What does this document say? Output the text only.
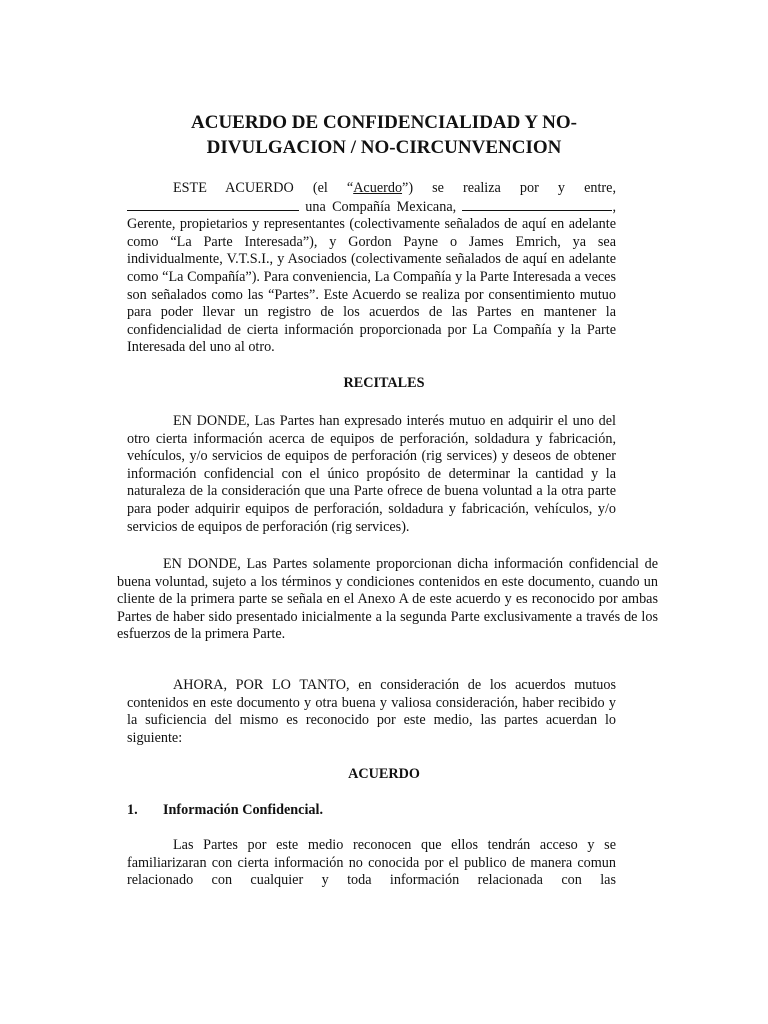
ACUERDO DE CONFIDENCIALIDAD Y NO-
DIVULGACION / NO-CIRCUNVENCION

ESTE ACUERDO (el “Acuerdo”) se realiza por y entre,

una Compañía Mexicana,	,

Gerente, propietarios y representantes (colectivamente señalados de aquí en adelante como “La Parte Interesada”), y Gordon Payne o James Emrich, ya sea individualmente, V.T.S.I., y Asociados (colectivamente señalados de aquí en adelante como “La Compañía”). Para conveniencia, La Compañía y la Parte Interesada a veces son señalados como las “Partes”. Este Acuerdo se realiza por consentimiento mutuo para poder llevar un registro de los acuerdos de las Partes en mantener la confidencialidad de cierta información proporcionada por La Compañía y la Parte Interesada del uno al otro.

RECITALES

EN DONDE, Las Partes han expresado interés mutuo en adquirir el uno del otro cierta información acerca de equipos de perforación, soldadura y fabricación, vehículos, y/o servicios de equipos de perforación (rig services) y deseos de obtener información confidencial con el único propósito de determinar la cantidad y la naturaleza de la consideración que una Parte ofrece de buena voluntad a la otra parte para poder adquirir equipos de perforación, soldadura y fabricación, vehículos, y/o servicios de equipos de perforación (rig services).

EN DONDE, Las Partes solamente proporcionan dicha información confidencial de buena voluntad, sujeto a los términos y condiciones contenidos en este documento, cuando un cliente de la primera parte se señala en el Anexo A de este acuerdo y es reconocido por ambas Partes de haber sido presentado inicialmente a la segunda Parte exclusivamente a través de los esfuerzos de la primera Parte.

AHORA, POR LO TANTO, en consideración de los acuerdos mutuos contenidos en este documento y otra buena y valiosa consideración, haber recibido y la suficiencia del mismo es reconocido por este medio, las partes acuerdan lo siguiente:

ACUERDO
1. Información Confidencial.

Las Partes por este medio reconocen que ellos tendrán acceso y se familiarizaran con cierta información no conocida por el publico de manera comun relacionado con cualquier y toda información relacionada con las
